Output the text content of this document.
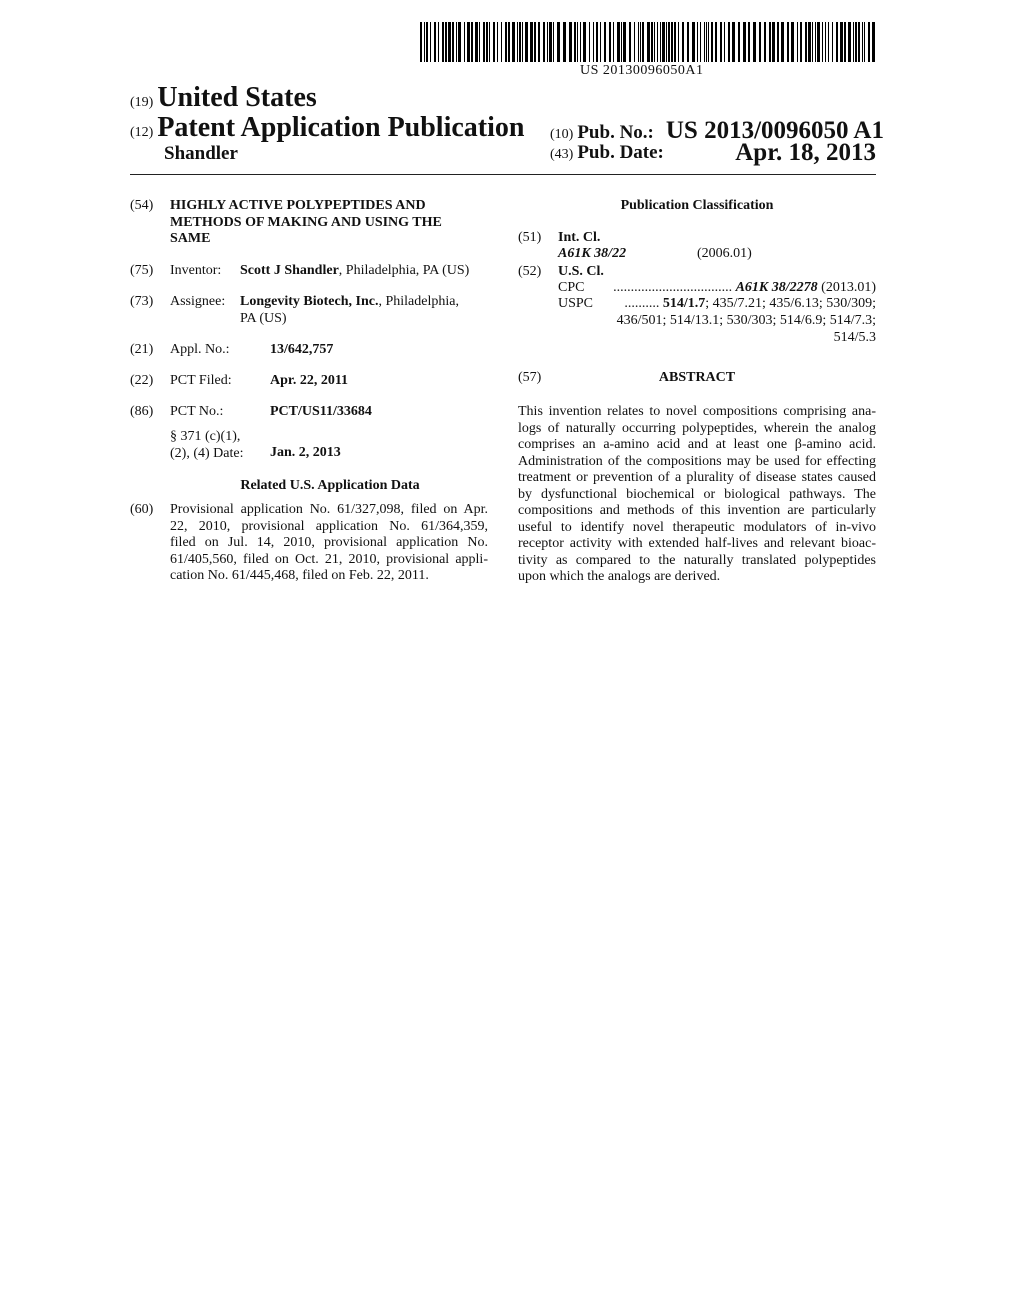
US 20130096050A1
(19) United States
(12) Patent Application Publication
Shandler
(10) Pub. No.: US 2013/0096050 A1
(43) Pub. Date:	Apr. 18, 2013
(54) HIGHLY ACTIVE POLYPEPTIDES AND
METHODS OF MAKING AND USING THE
SAME
(75) Inventor: Scott J Shandler, Philadelphia, PA (US)
(73) Assignee: Longevity Biotech, Inc., Philadelphia,
PA (US)
(21) Appl. No.:	13/642,757
(22) PCT Filed:	Apr. 22, 2011
(86) PCT No.:	PCT/US11/33684
§ 371 (c)(1),
(2), (4) Date: Jan. 2, 2013
Related U.S. Application Data
(60) Provisional application No. 61/327,098, filed on Apr.
22, 2010, provisional application No. 61/364,359,
filed on Jul. 14, 2010, provisional application No.
61/405,560, filed on Oct. 21, 2010, provisional appli-
cation No. 61/445,468, filed on Feb. 22, 2011.
Publication Classification
(51) Int. Cl.
A61K 38/22	(2006.01)
(52) U.S. Cl.
CPC .................................. A61K 38/2278 (2013.01)
USPC .......... 514/1.7; 435/7.21; 435/6.13; 530/309;
436/501; 514/13.1; 530/303; 514/6.9; 514/7.3;
514/5.3
(57)	ABSTRACT
This invention relates to novel compositions comprising ana-
logs of naturally occurring polypeptides, wherein the analog
comprises an a-amino acid and at least one β-amino acid.
Administration of the compositions may be used for effecting
treatment or prevention of a plurality of disease states caused
by dysfunctional biochemical or biological pathways. The
compositions and methods of this invention are particularly
useful to identify novel therapeutic modulators of in-vivo
receptor activity with extended half-lives and relevant bioac-
tivity as compared to the naturally translated polypeptides
upon which the analogs are derived.
